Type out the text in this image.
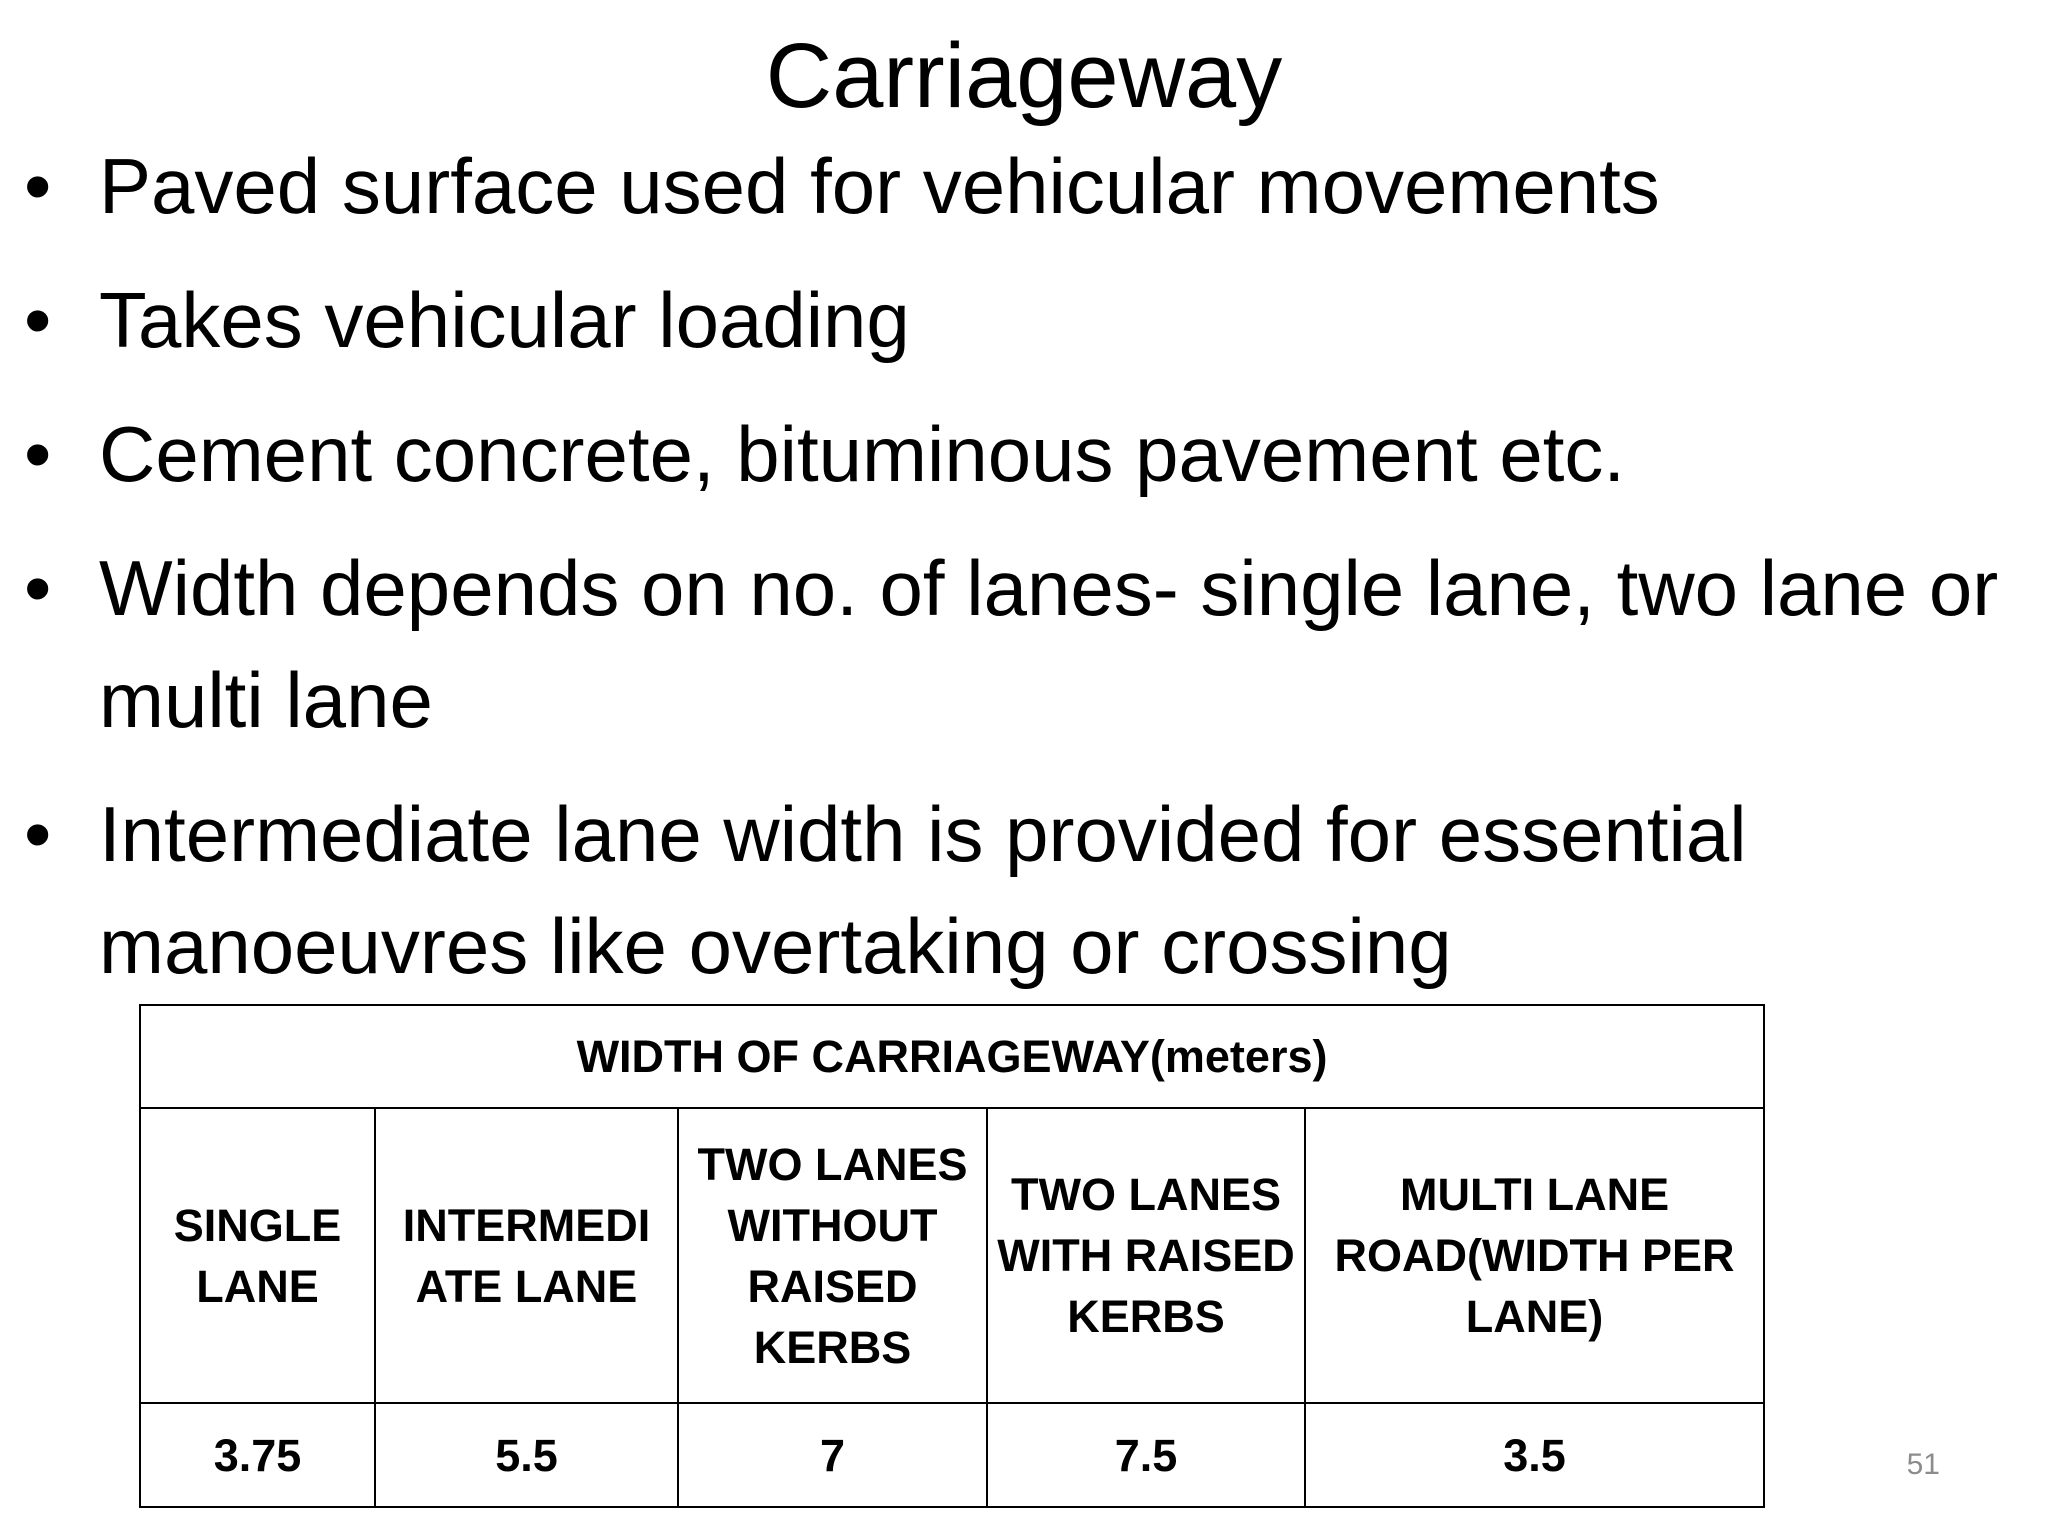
Carriageway
• Paved surface used for vehicular movements
• Takes vehicular loading
• Cement concrete, bituminous pavement etc.
• Width depends on no. of lanes- single lane, two lane or multi lane
• Intermediate lane width is provided for essential manoeuvres like overtaking or crossing
WIDTH OF CARRIAGEWAY(meters)				
SINGLE LANE	INTERMEDI ATE LANE	TWO LANES WITHOUT RAISED KERBS	TWO LANES WITH RAISED KERBS	MULTI LANE ROAD(WIDTH PER LANE)
3.75	5.5	7	7.5	3.5	51
